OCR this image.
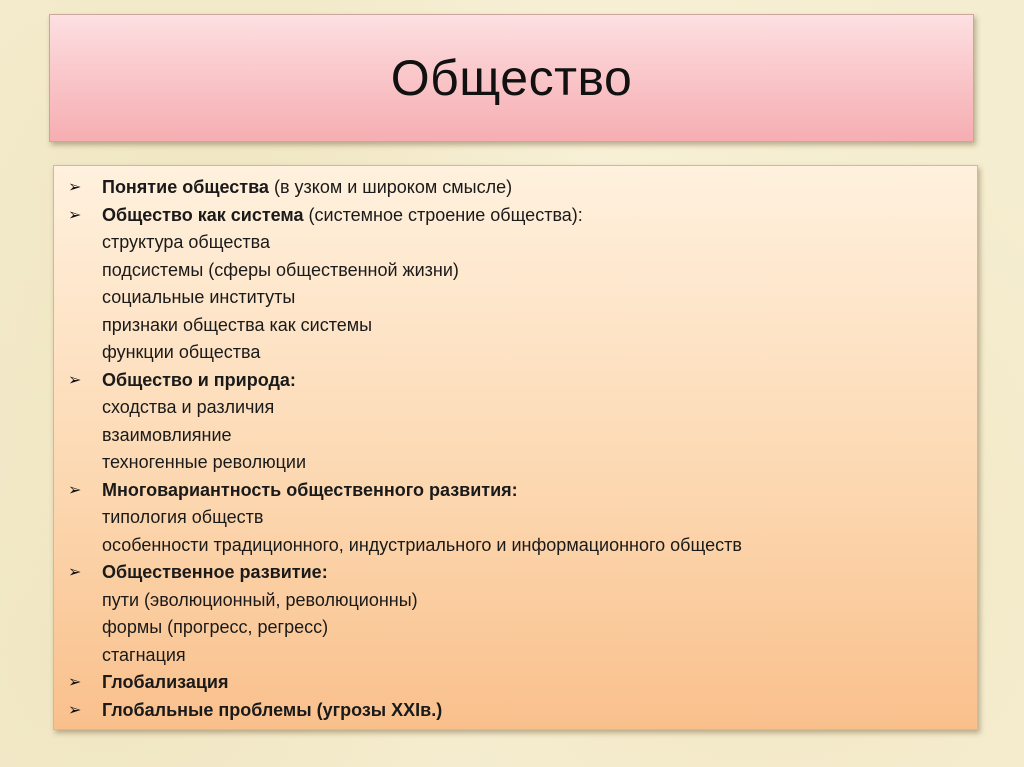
Общество
➢	Понятие общества (в узком и широком смысле)
➢	Общество как система (системное строение общества):
структура общества
подсистемы (сферы общественной жизни)
социальные институты
признаки общества как системы
функции общества
➢	Общество и природа:
сходства и различия
взаимовлияние
техногенные революции
➢	Многовариантность общественного развития:
типология обществ
особенности традиционного, индустриального и информационного обществ
➢	Общественное развитие:
пути (эволюционный, революционны)
формы (прогресс, регресс)
стагнация
➢	Глобализация
➢	Глобальные проблемы (угрозы XXIв.)
